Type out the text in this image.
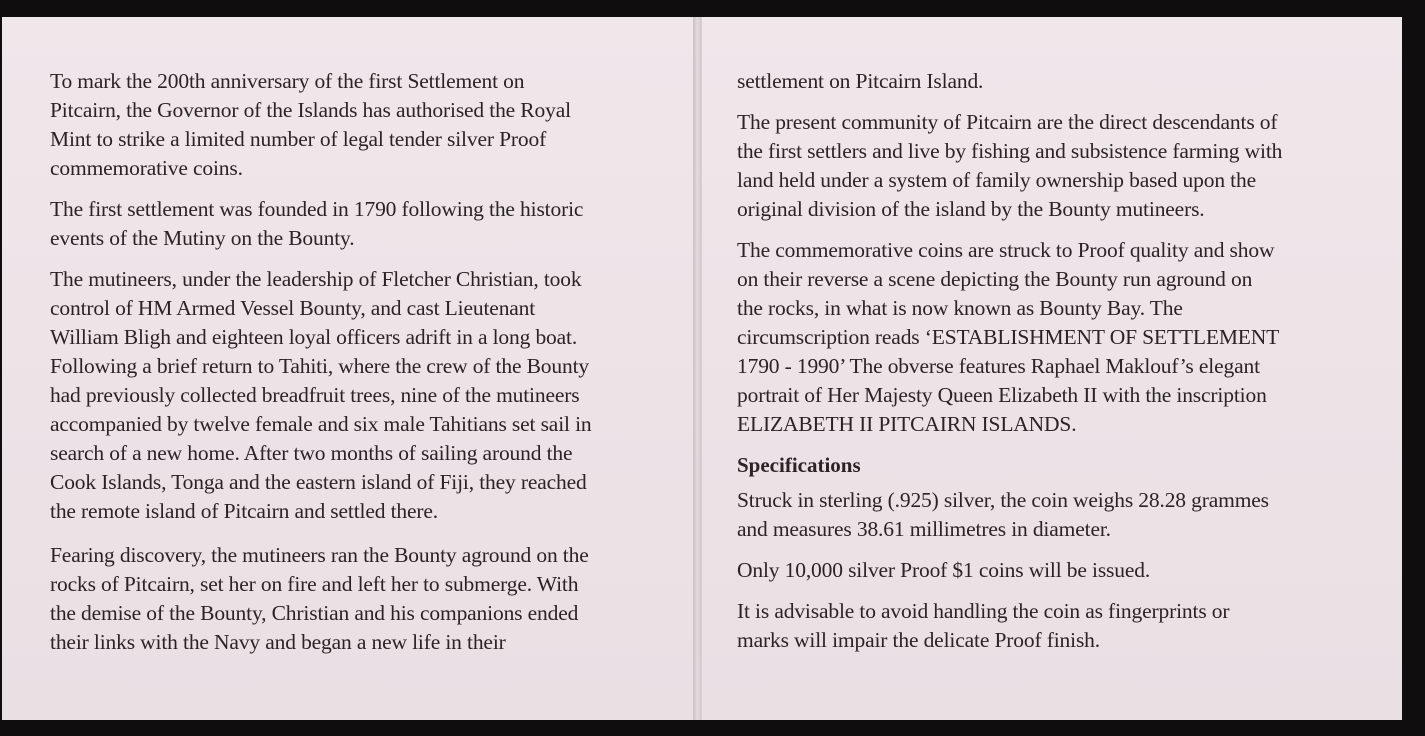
To mark the 200th anniversary of the first Settlement on
Pitcairn, the Governor of the Islands has authorised the Royal
Mint to strike a limited number of legal tender silver Proof
commemorative coins.

The first settlement was founded in 1790 following the historic
events of the Mutiny on the Bounty.

The mutineers, under the leadership of Fletcher Christian, took
control of HM Armed Vessel Bounty, and cast Lieutenant
William Bligh and eighteen loyal officers adrift in a long boat.
Following a brief return to Tahiti, where the crew of the Bounty
had previously collected breadfruit trees, nine of the mutineers
accompanied by twelve female and six male Tahitians set sail in
search of a new home. After two months of sailing around the
Cook Islands, Tonga and the eastern island of Fiji, they reached
the remote island of Pitcairn and settled there.

Fearing discovery, the mutineers ran the Bounty aground on the
rocks of Pitcairn, set her on fire and left her to submerge. With
the demise of the Bounty, Christian and his companions ended
their links with the Navy and began a new life in their

settlement on Pitcairn Island.

The present community of Pitcairn are the direct descendants of
the first settlers and live by fishing and subsistence farming with
land held under a system of family ownership based upon the
original division of the island by the Bounty mutineers.

The commemorative coins are struck to Proof quality and show
on their reverse a scene depicting the Bounty run aground on
the rocks, in what is now known as Bounty Bay. The
circumscription reads ‘ESTABLISHMENT OF SETTLEMENT
1790 - 1990’ The obverse features Raphael Maklouf’s elegant
portrait of Her Majesty Queen Elizabeth II with the inscription
ELIZABETH II PITCAIRN ISLANDS.

Specifications

Struck in sterling (.925) silver, the coin weighs 28.28 grammes
and measures 38.61 millimetres in diameter.

Only 10,000 silver Proof $1 coins will be issued.

It is advisable to avoid handling the coin as fingerprints or
marks will impair the delicate Proof finish.
